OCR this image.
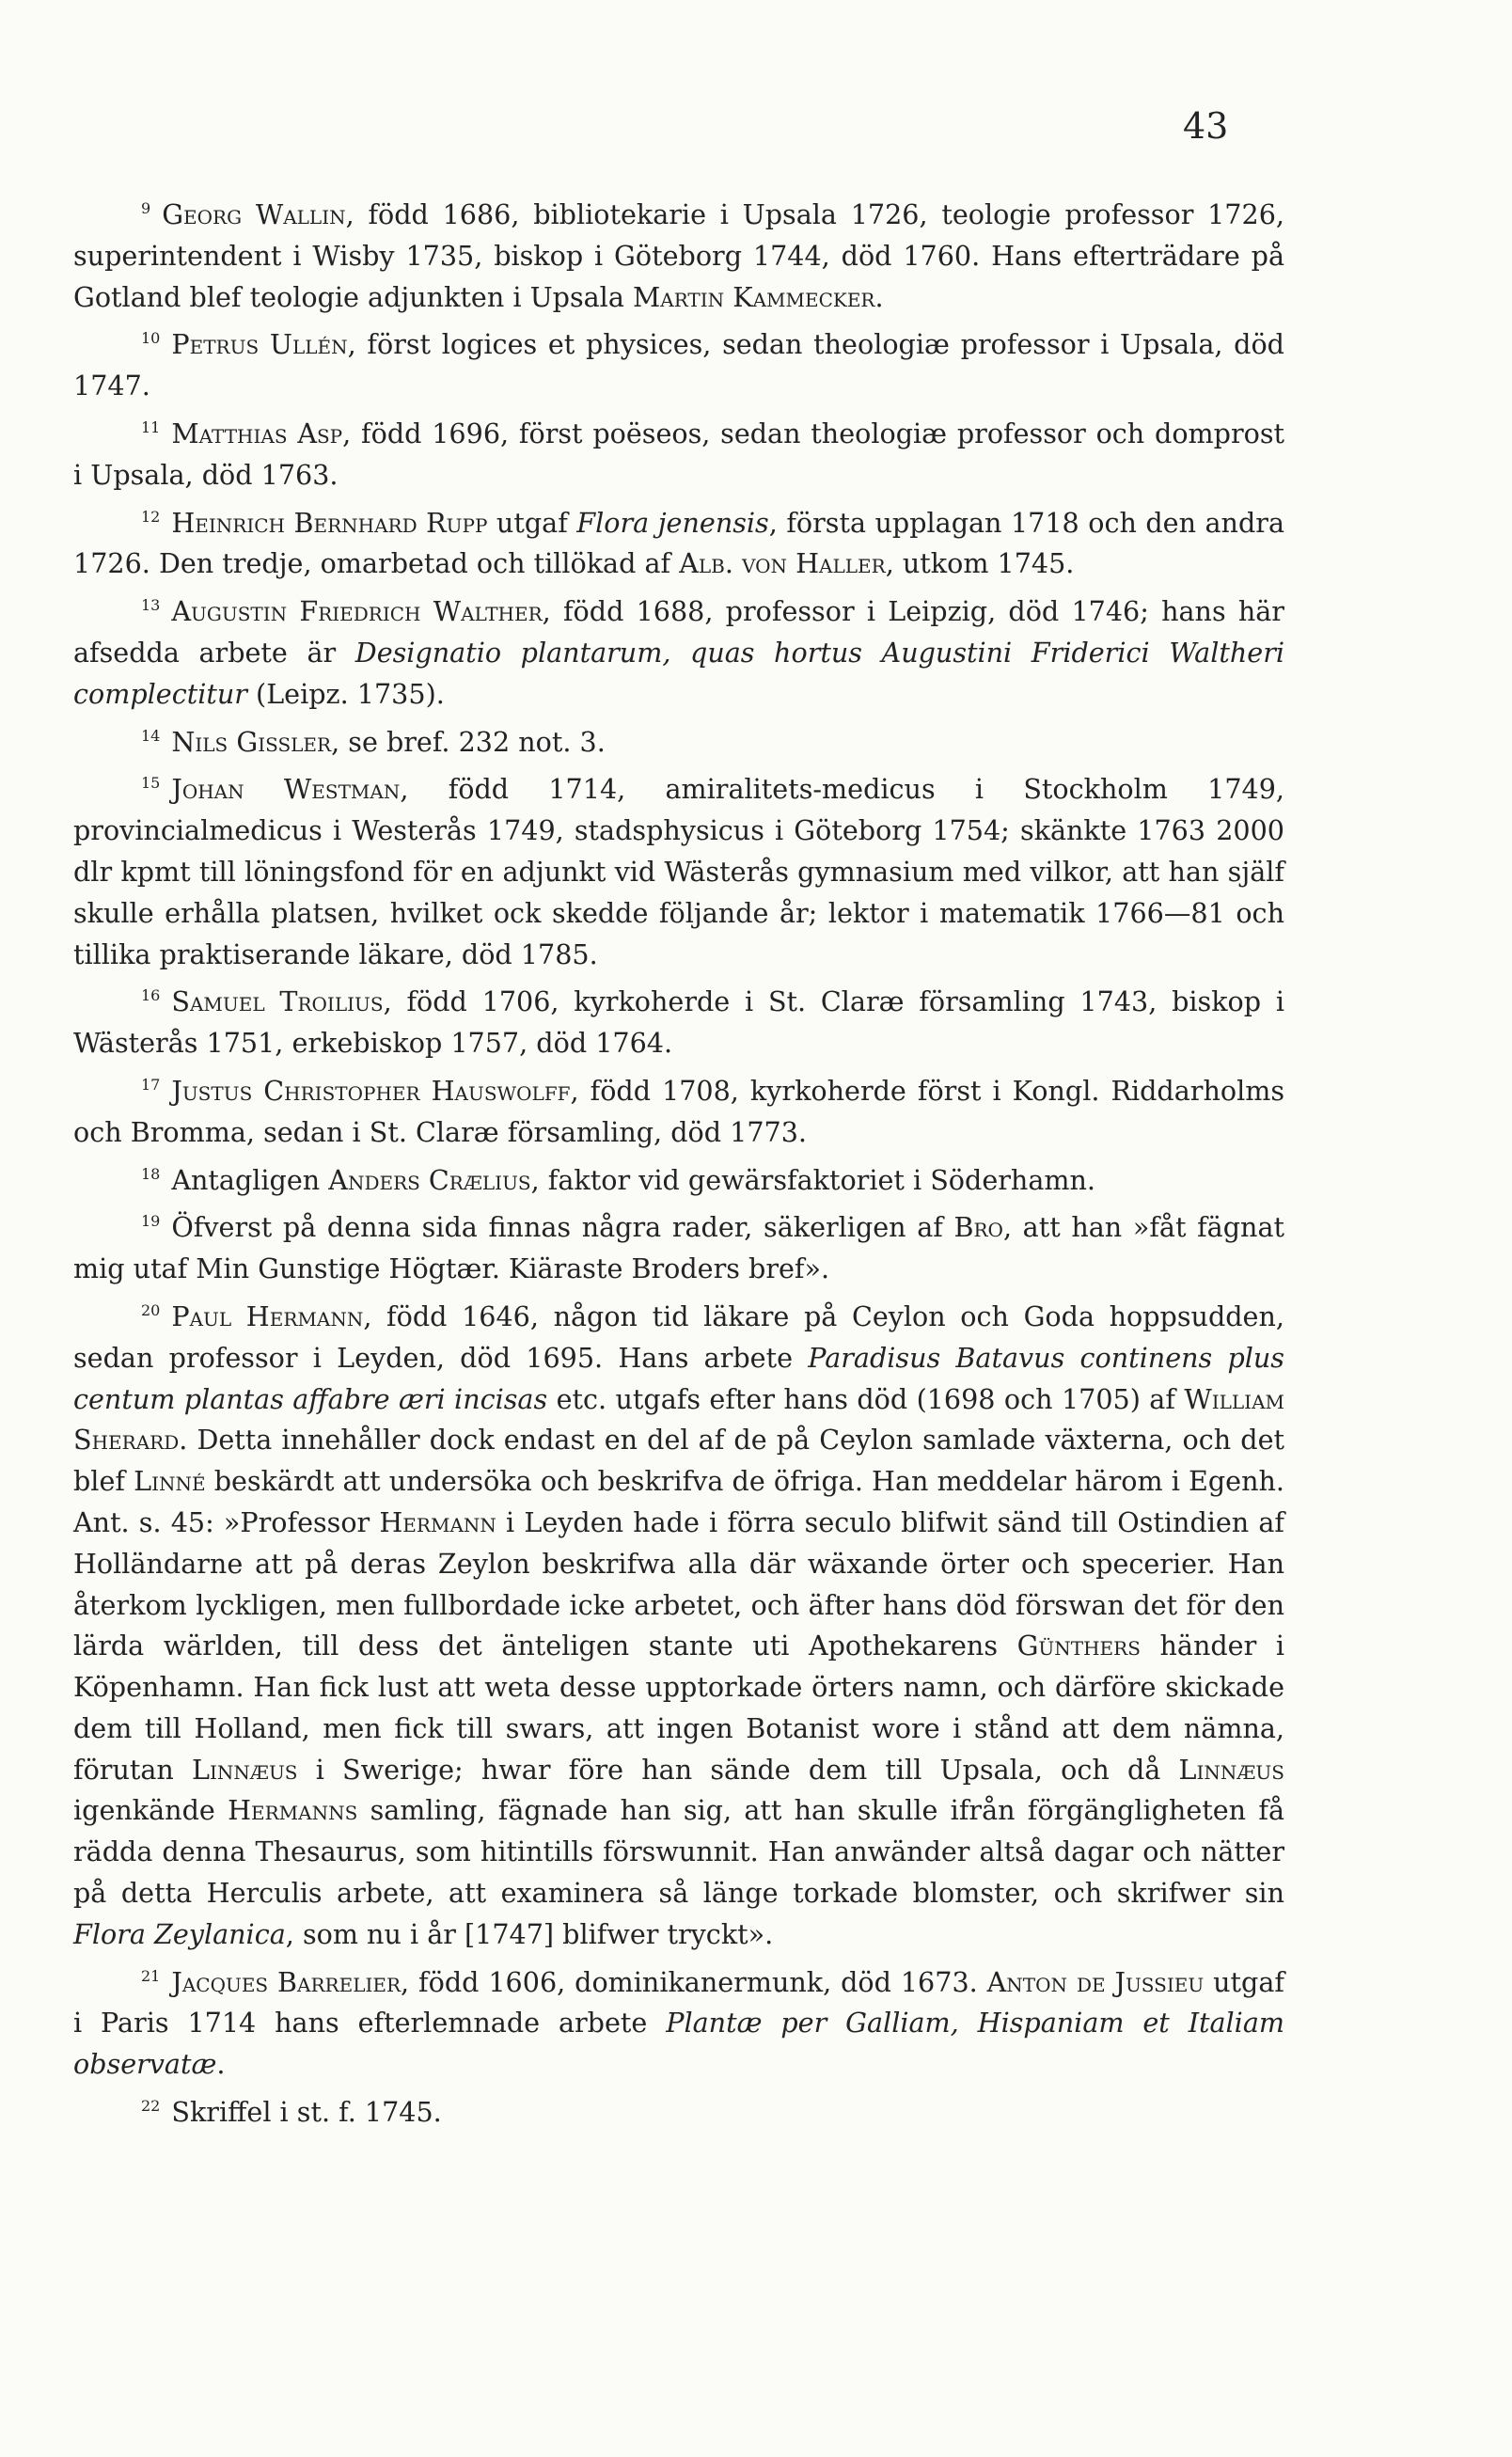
43

$^9$ Georg Wallin, född 1686, bibliotekarie i Upsala 1726, teologie professor 1726, superintendent i Wisby 1735, biskop i Göteborg 1744, död 1760. Hans efterträdare på Gotland blef teologie adjunkten i Upsala Martin Kammecker.

$^{10}$ Petrus Ullén, först logices et physices, sedan theologiæ professor i Upsala, död 1747.

$^{11}$ Matthias Asp, född 1696, först poëseos, sedan theologiæ professor och domprost i Upsala, död 1763.

$^{12}$ Heinrich Bernhard Rupp utgaf Flora jenensis, första upplagan 1718 och den andra 1726. Den tredje, omarbetad och tillökad af Alb. von Haller, utkom 1745.

$^{13}$ Augustin Friedrich Walther, född 1688, professor i Leipzig, död 1746; hans här afsedda arbete är Designatio plantarum, quas hortus Augustini Friderici Waltheri complectitur (Leipz. 1735).

$^{14}$ Nils Gissler, se bref. 232 not. 3.

$^{15}$ Johan Westman, född 1714, amiralitets-medicus i Stockholm 1749, provincialmedicus i Westerås 1749, stadsphysicus i Göteborg 1754; skänkte 1763 2000 dlr kpmt till löningsfond för en adjunkt vid Wästerås gymnasium med vilkor, att han själf skulle erhålla platsen, hvilket ock skedde följande år; lektor i matematik 1766—81 och tillika praktiserande läkare, död 1785.

$^{16}$ Samuel Troilius, född 1706, kyrkoherde i St. Claræ församling 1743, biskop i Wästerås 1751, erkebiskop 1757, död 1764.

$^{17}$ Justus Christopher Hauswolff, född 1708, kyrkoherde först i Kongl. Riddarholms och Bromma, sedan i St. Claræ församling, död 1773.

$^{18}$ Antagligen Anders Crælius, faktor vid gewärsfaktoriet i Söderhamn.

$^{19}$ Öfverst på denna sida finnas några rader, säkerligen af Bro, att han »fåt fägnat mig utaf Min Gunstige Högtær. Kiäraste Broders bref».

$^{20}$ Paul Hermann, född 1646, någon tid läkare på Ceylon och Goda hoppsudden, sedan professor i Leyden, död 1695. Hans arbete Paradisus Batavus continens plus centum plantas affabre æri incisas etc. utgafs efter hans död (1698 och 1705) af William Sherard. Detta innehåller dock endast en del af de på Ceylon samlade växterna, och det blef Linné beskärdt att undersöka och beskrifva de öfriga. Han meddelar härom i Egenh. Ant. s. 45: »Professor Hermann i Leyden hade i förra seculo blifwit sänd till Ostindien af Holländarne att på deras Zeylon beskrifwa alla där wäxande örter och specerier. Han återkom lyckligen, men fullbordade icke arbetet, och äfter hans död förswan det för den lärda wärlden, till dess det änteligen stante uti Apothekarens Günthers händer i Köpenhamn. Han fick lust att weta desse upptorkade örters namn, och därföre skickade dem till Holland, men fick till swars, att ingen Botanist wore i stånd att dem nämna, förutan Linnæus i Swerige; hwar före han sände dem till Upsala, och då Linnæus igenkände Hermanns samling, fägnade han sig, att han skulle ifrån förgängligheten få rädda denna Thesaurus, som hitintills förswunnit. Han anwänder altså dagar och nätter på detta Herculis arbete, att examinera så länge torkade blomster, och skrifwer sin Flora Zeylanica, som nu i år [1747] blifwer tryckt».

$^{21}$ Jacques Barrelier, född 1606, dominikanermunk, död 1673. Anton de Jussieu utgaf i Paris 1714 hans efterlemnade arbete Plantæ per Galliam, Hispaniam et Italiam observatæ.

$^{22}$ Skriffel i st. f. 1745.
